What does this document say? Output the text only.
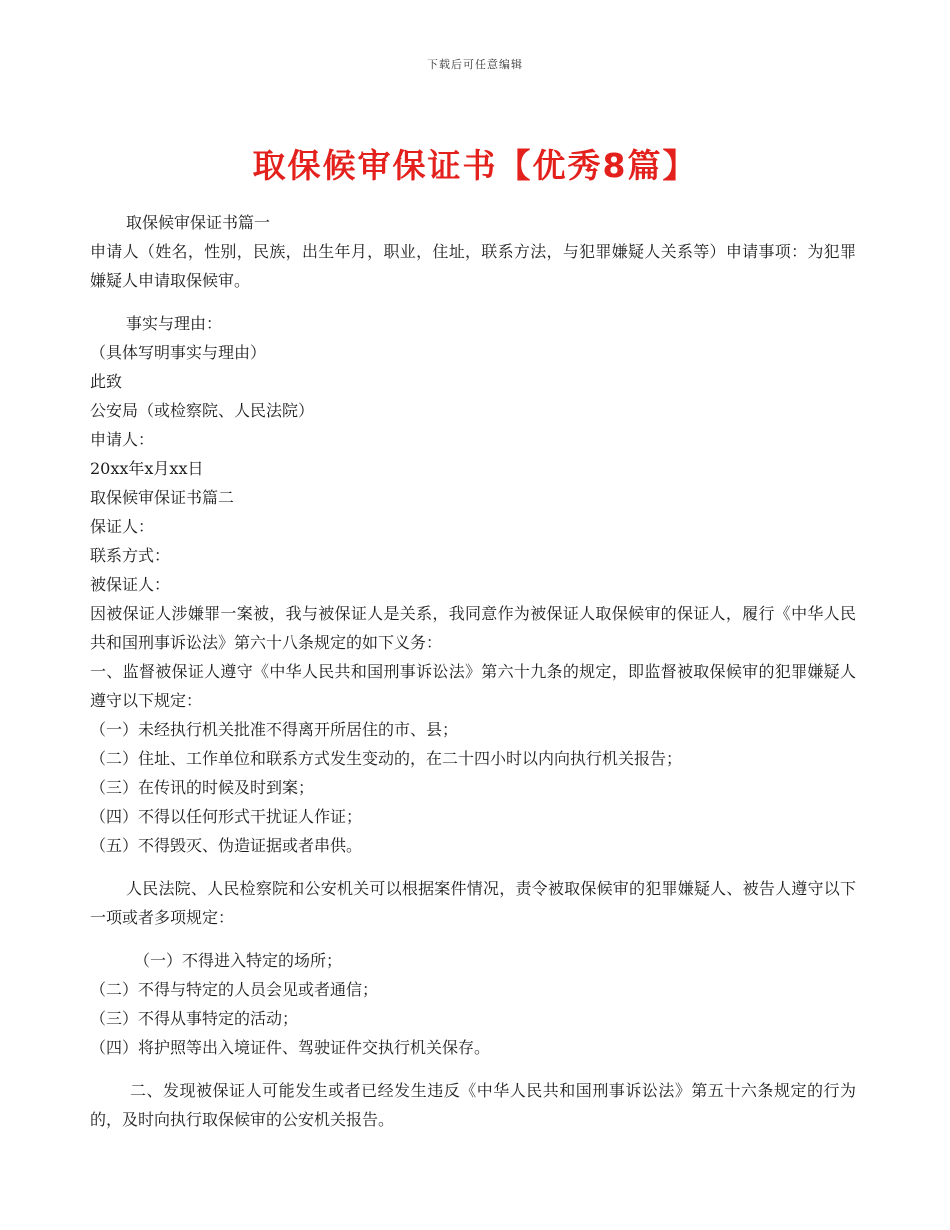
下载后可任意编辑
取保候审保证书【优秀8篇】

取保候审保证书篇一

申请人（姓名，性别，民族，出生年月，职业，住址，联系方法，与犯罪嫌疑人关系等）申请事项：为犯罪嫌疑人申请取保候审。

事实与理由：

（具体写明事实与理由）

此致

公安局（或检察院、人民法院）

申请人：

20xx年x月xx日

取保候审保证书篇二

保证人：

联系方式：

被保证人：

因被保证人涉嫌罪一案被，我与被保证人是关系，我同意作为被保证人取保候审的保证人，履行《中华人民共和国刑事诉讼法》第六十八条规定的如下义务：

一、监督被保证人遵守《中华人民共和国刑事诉讼法》第六十九条的规定，即监督被取保候审的犯罪嫌疑人遵守以下规定：

（一）未经执行机关批准不得离开所居住的市、县；

（二）住址、工作单位和联系方式发生变动的，在二十四小时以内向执行机关报告；

（三）在传讯的时候及时到案；

（四）不得以任何形式干扰证人作证；

（五）不得毁灭、伪造证据或者串供。

人民法院、人民检察院和公安机关可以根据案件情况，责令被取保候审的犯罪嫌疑人、被告人遵守以下一项或者多项规定：

（一）不得进入特定的场所；

（二）不得与特定的人员会见或者通信；

（三）不得从事特定的活动；

（四）将护照等出入境证件、驾驶证件交执行机关保存。

二、发现被保证人可能发生或者已经发生违反《中华人民共和国刑事诉讼法》第五十六条规定的行为的，及时向执行取保候审的公安机关报告。
